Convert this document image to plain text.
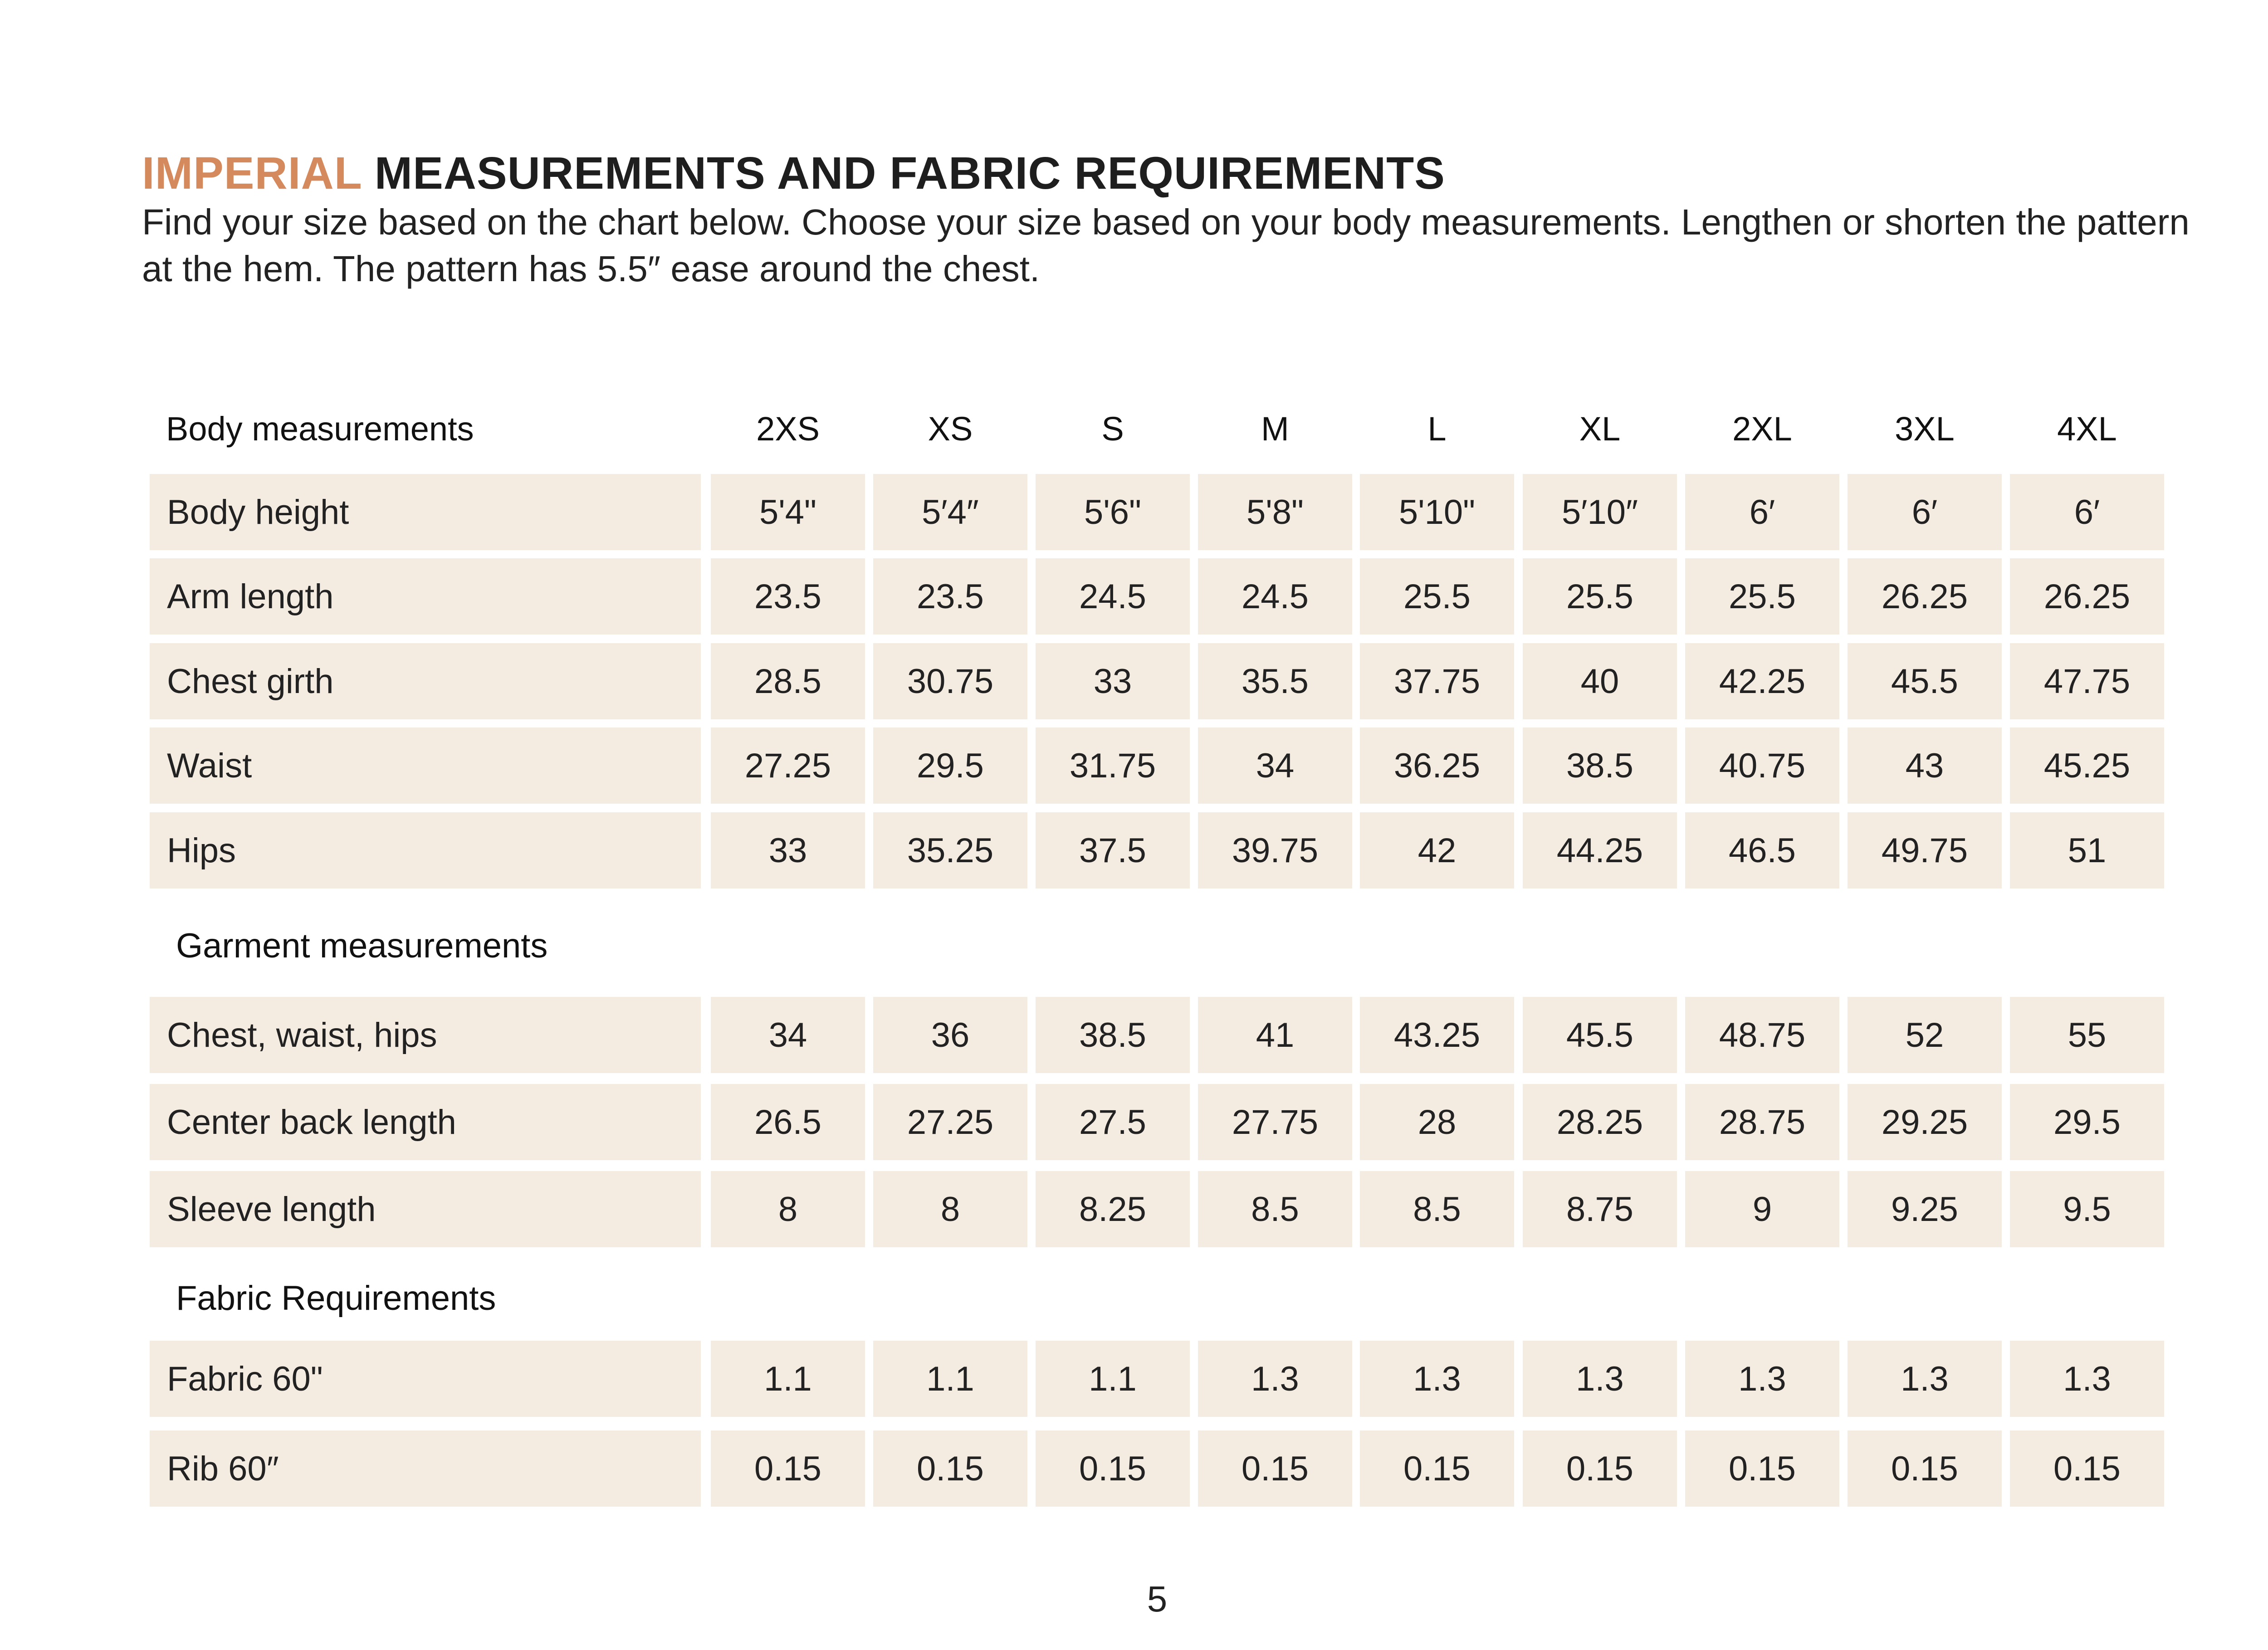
IMPERIAL MEASUREMENTS AND FABRIC REQUIREMENTS
Find your size based on the chart below. Choose your size based on your body measurements. Lengthen or shorten the pattern at the hem. The pattern has 5.5″ ease around the chest.
Body measurements	2XS	XS	S	M	L	XL	2XL	3XL	4XL
Body height	5'4"	5′4″	5'6"	5'8"	5'10"	5′10″	6′	6′	6′
Arm length	23.5	23.5	24.5	24.5	25.5	25.5	25.5	26.25	26.25
Chest girth	28.5	30.75	33	35.5	37.75	40	42.25	45.5	47.75
Waist	27.25	29.5	31.75	34	36.25	38.5	40.75	43	45.25
Hips	33	35.25	37.5	39.75	42	44.25	46.5	49.75	51
Garment measurements
Chest, waist, hips	34	36	38.5	41	43.25	45.5	48.75	52	55
Center back length	26.5	27.25	27.5	27.75	28	28.25	28.75	29.25	29.5
Sleeve length	8	8	8.25	8.5	8.5	8.75	9	9.25	9.5
Fabric Requirements
Fabric 60"	1.1	1.1	1.1	1.3	1.3	1.3	1.3	1.3	1.3
Rib 60″	0.15	0.15	0.15	0.15	0.15	0.15	0.15	0.15	0.15
5
